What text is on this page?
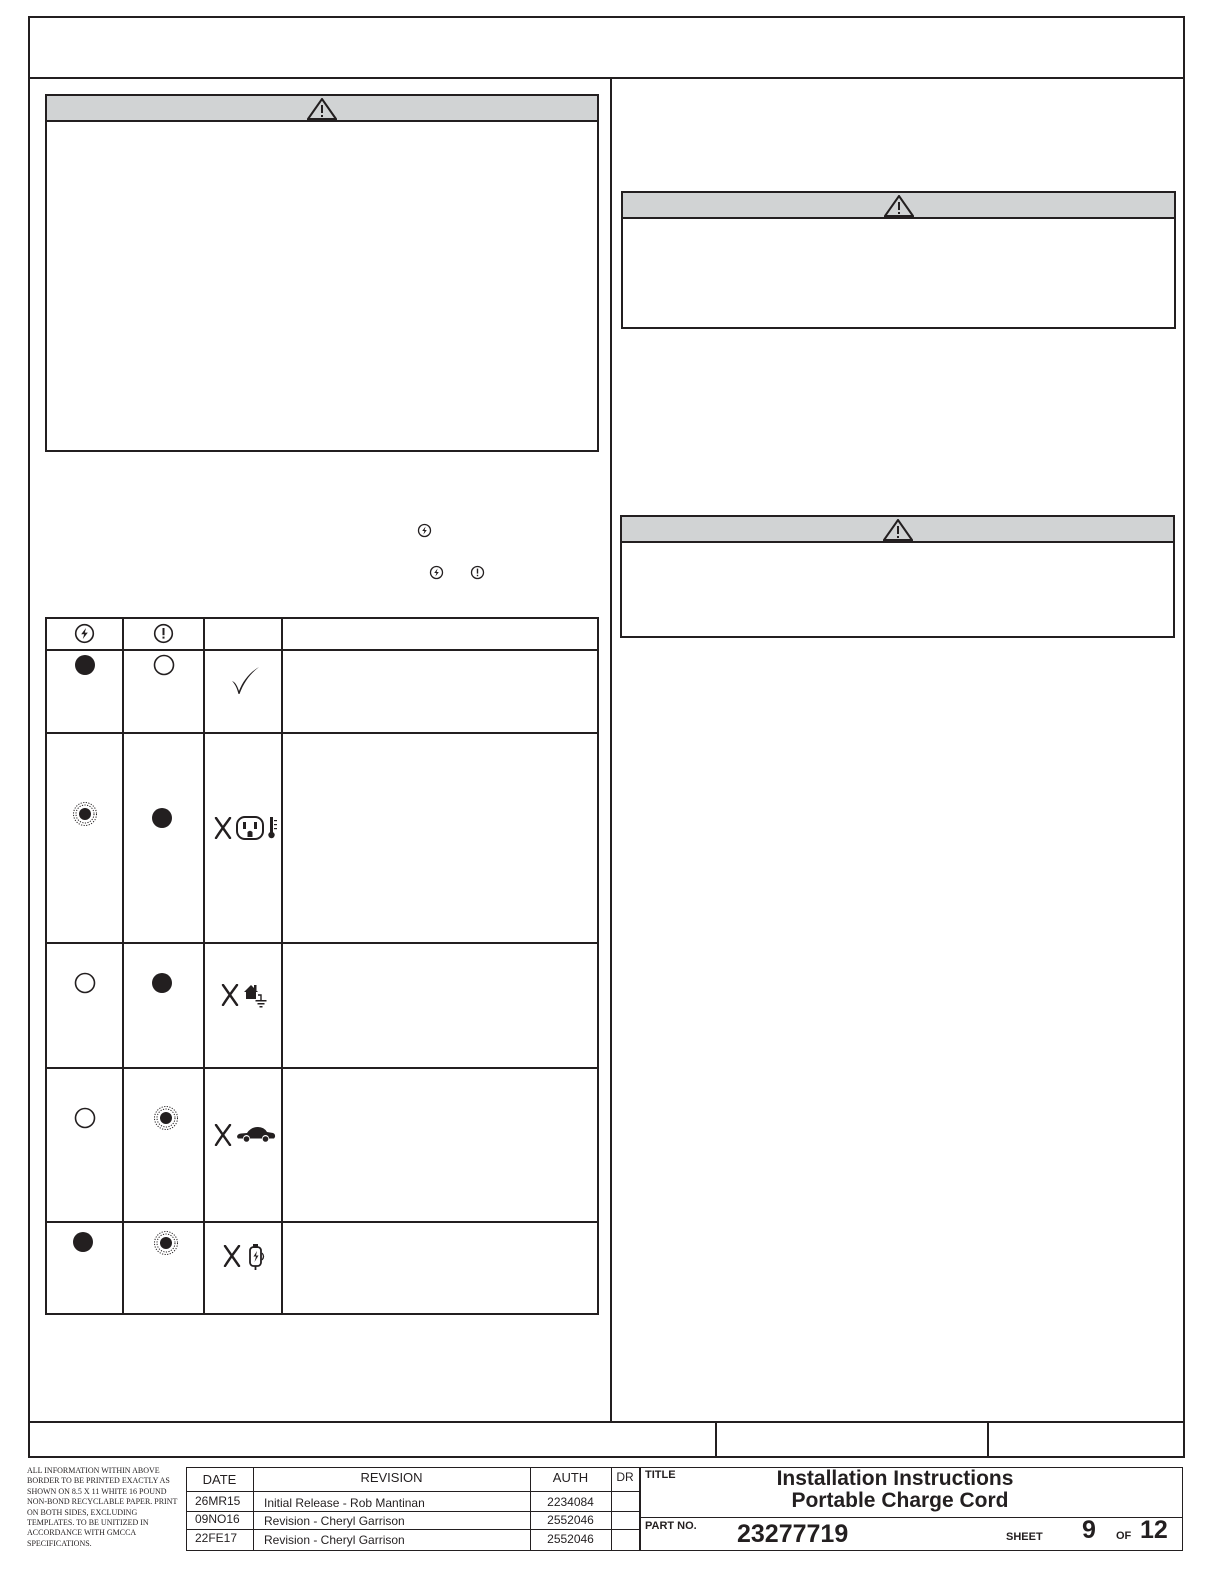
ALL INFORMATION WITHIN ABOVE BORDER TO BE PRINTED EXACTLY AS SHOWN ON 8.5 X 11 WHITE 16 POUND NON-BOND RECYCLABLE PAPER. PRINT ON BOTH SIDES, EXCLUDING TEMPLATES. TO BE UNITIZED IN ACCORDANCE WITH GMCCA SPECIFICATIONS.
DATE	REVISION	AUTH	DR
26MR15 Initial Release - Rob Mantinan	2234084
09NO16 Revision - Cheryl Garrison	2552046
22FE17 Revision - Cheryl Garrison	2552046
TITLE	Installation Instructions
Portable Charge Cord
PART NO. 23277719	SHEET 9 OF 12
